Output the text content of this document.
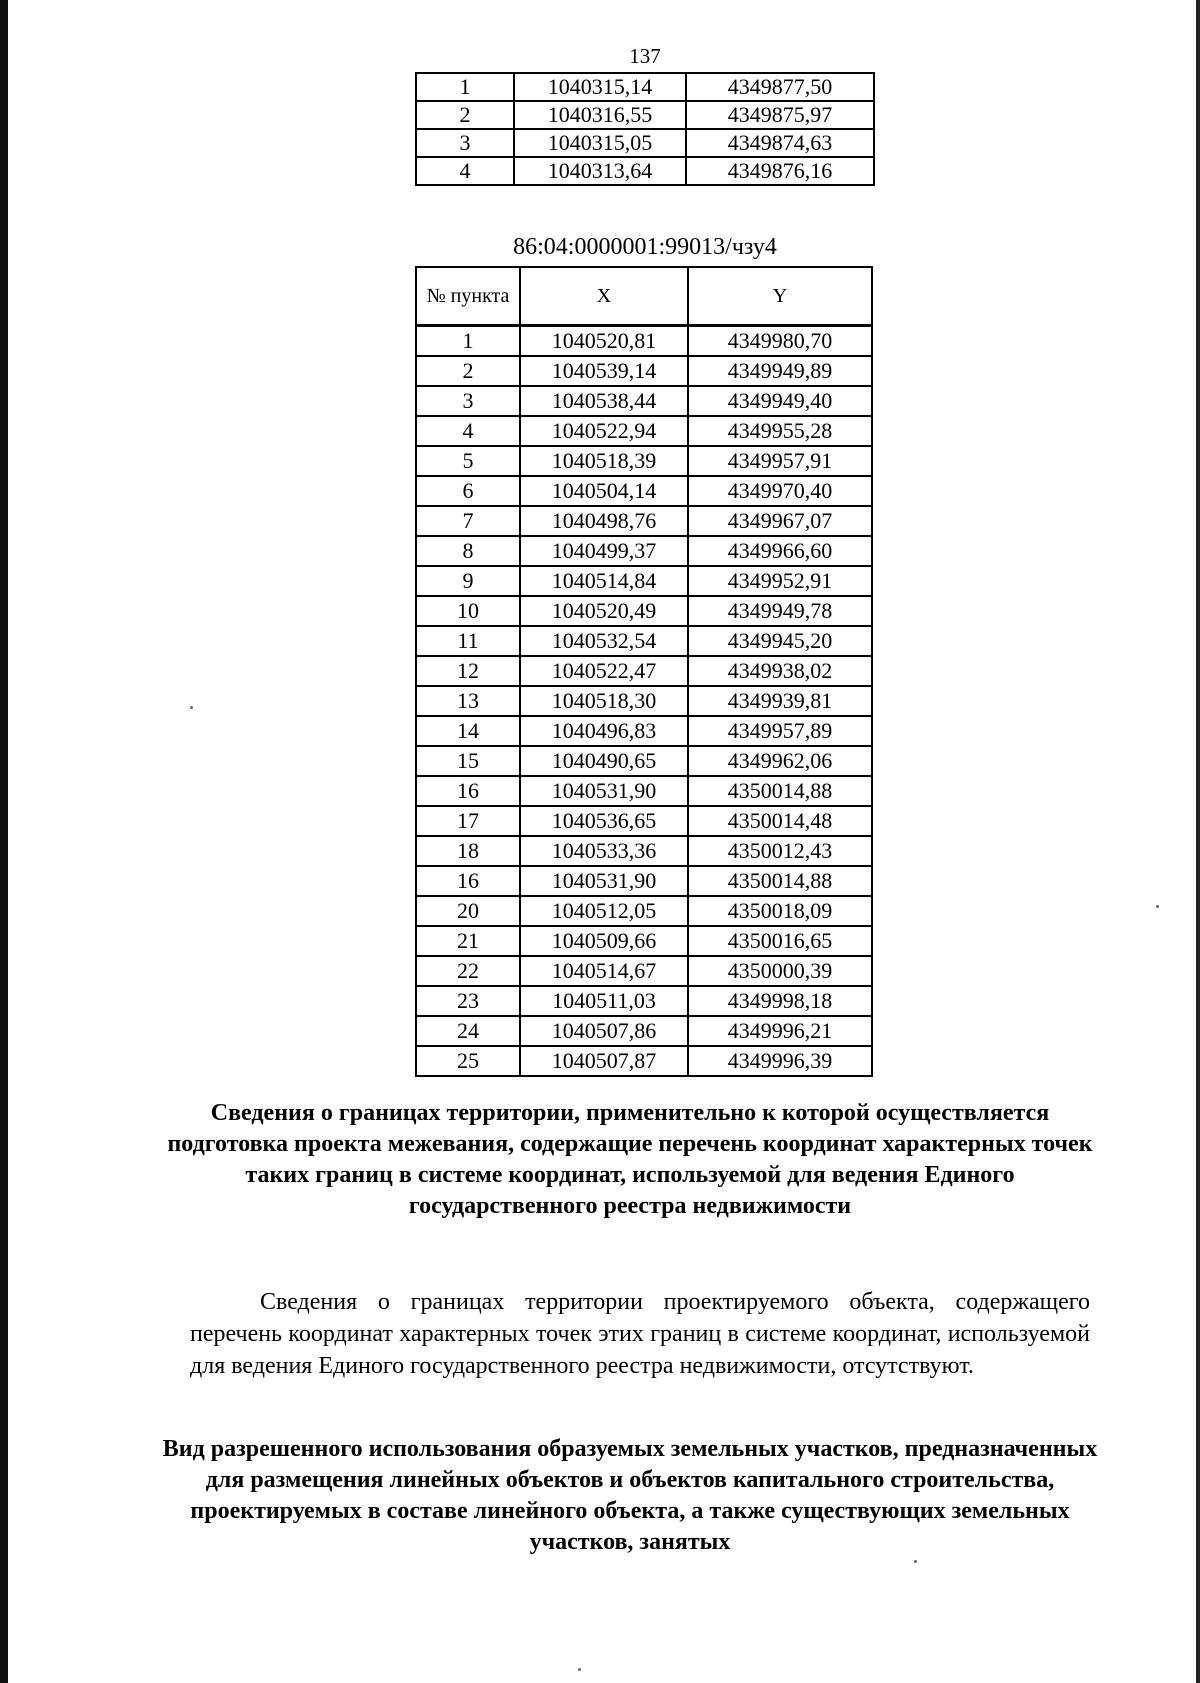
137
1	1040315,14	4349877,50
2	1040316,55	4349875,97
3	1040315,05	4349874,63
4	1040313,64	4349876,16
86:04:0000001:99013/чзу4
№ пункта	X	Y
1	1040520,81	4349980,70
2	1040539,14	4349949,89
3	1040538,44	4349949,40
4	1040522,94	4349955,28
5	1040518,39	4349957,91
6	1040504,14	4349970,40
7	1040498,76	4349967,07
8	1040499,37	4349966,60
9	1040514,84	4349952,91
10	1040520,49	4349949,78
11	1040532,54	4349945,20
12	1040522,47	4349938,02
13	1040518,30	4349939,81
14	1040496,83	4349957,89
15	1040490,65	4349962,06
16	1040531,90	4350014,88
17	1040536,65	4350014,48
18	1040533,36	4350012,43
16	1040531,90	4350014,88
20	1040512,05	4350018,09
21	1040509,66	4350016,65
22	1040514,67	4350000,39
23	1040511,03	4349998,18
24	1040507,86	4349996,21
25	1040507,87	4349996,39
Сведения о границах территории, применительно к которой осуществляется подготовка проекта межевания, содержащие перечень координат характерных точек таких границ в системе координат, используемой для ведения Единого государственного реестра недвижимости
Сведения о границах территории проектируемого объекта, содержащего перечень координат характерных точек этих границ в системе координат, используемой для ведения Единого государственного реестра недвижимости, отсутствуют.
Вид разрешенного использования образуемых земельных участков, предназначенных для размещения линейных объектов и объектов капитального строительства, проектируемых в составе линейного объекта, а также существующих земельных участков, занятых
